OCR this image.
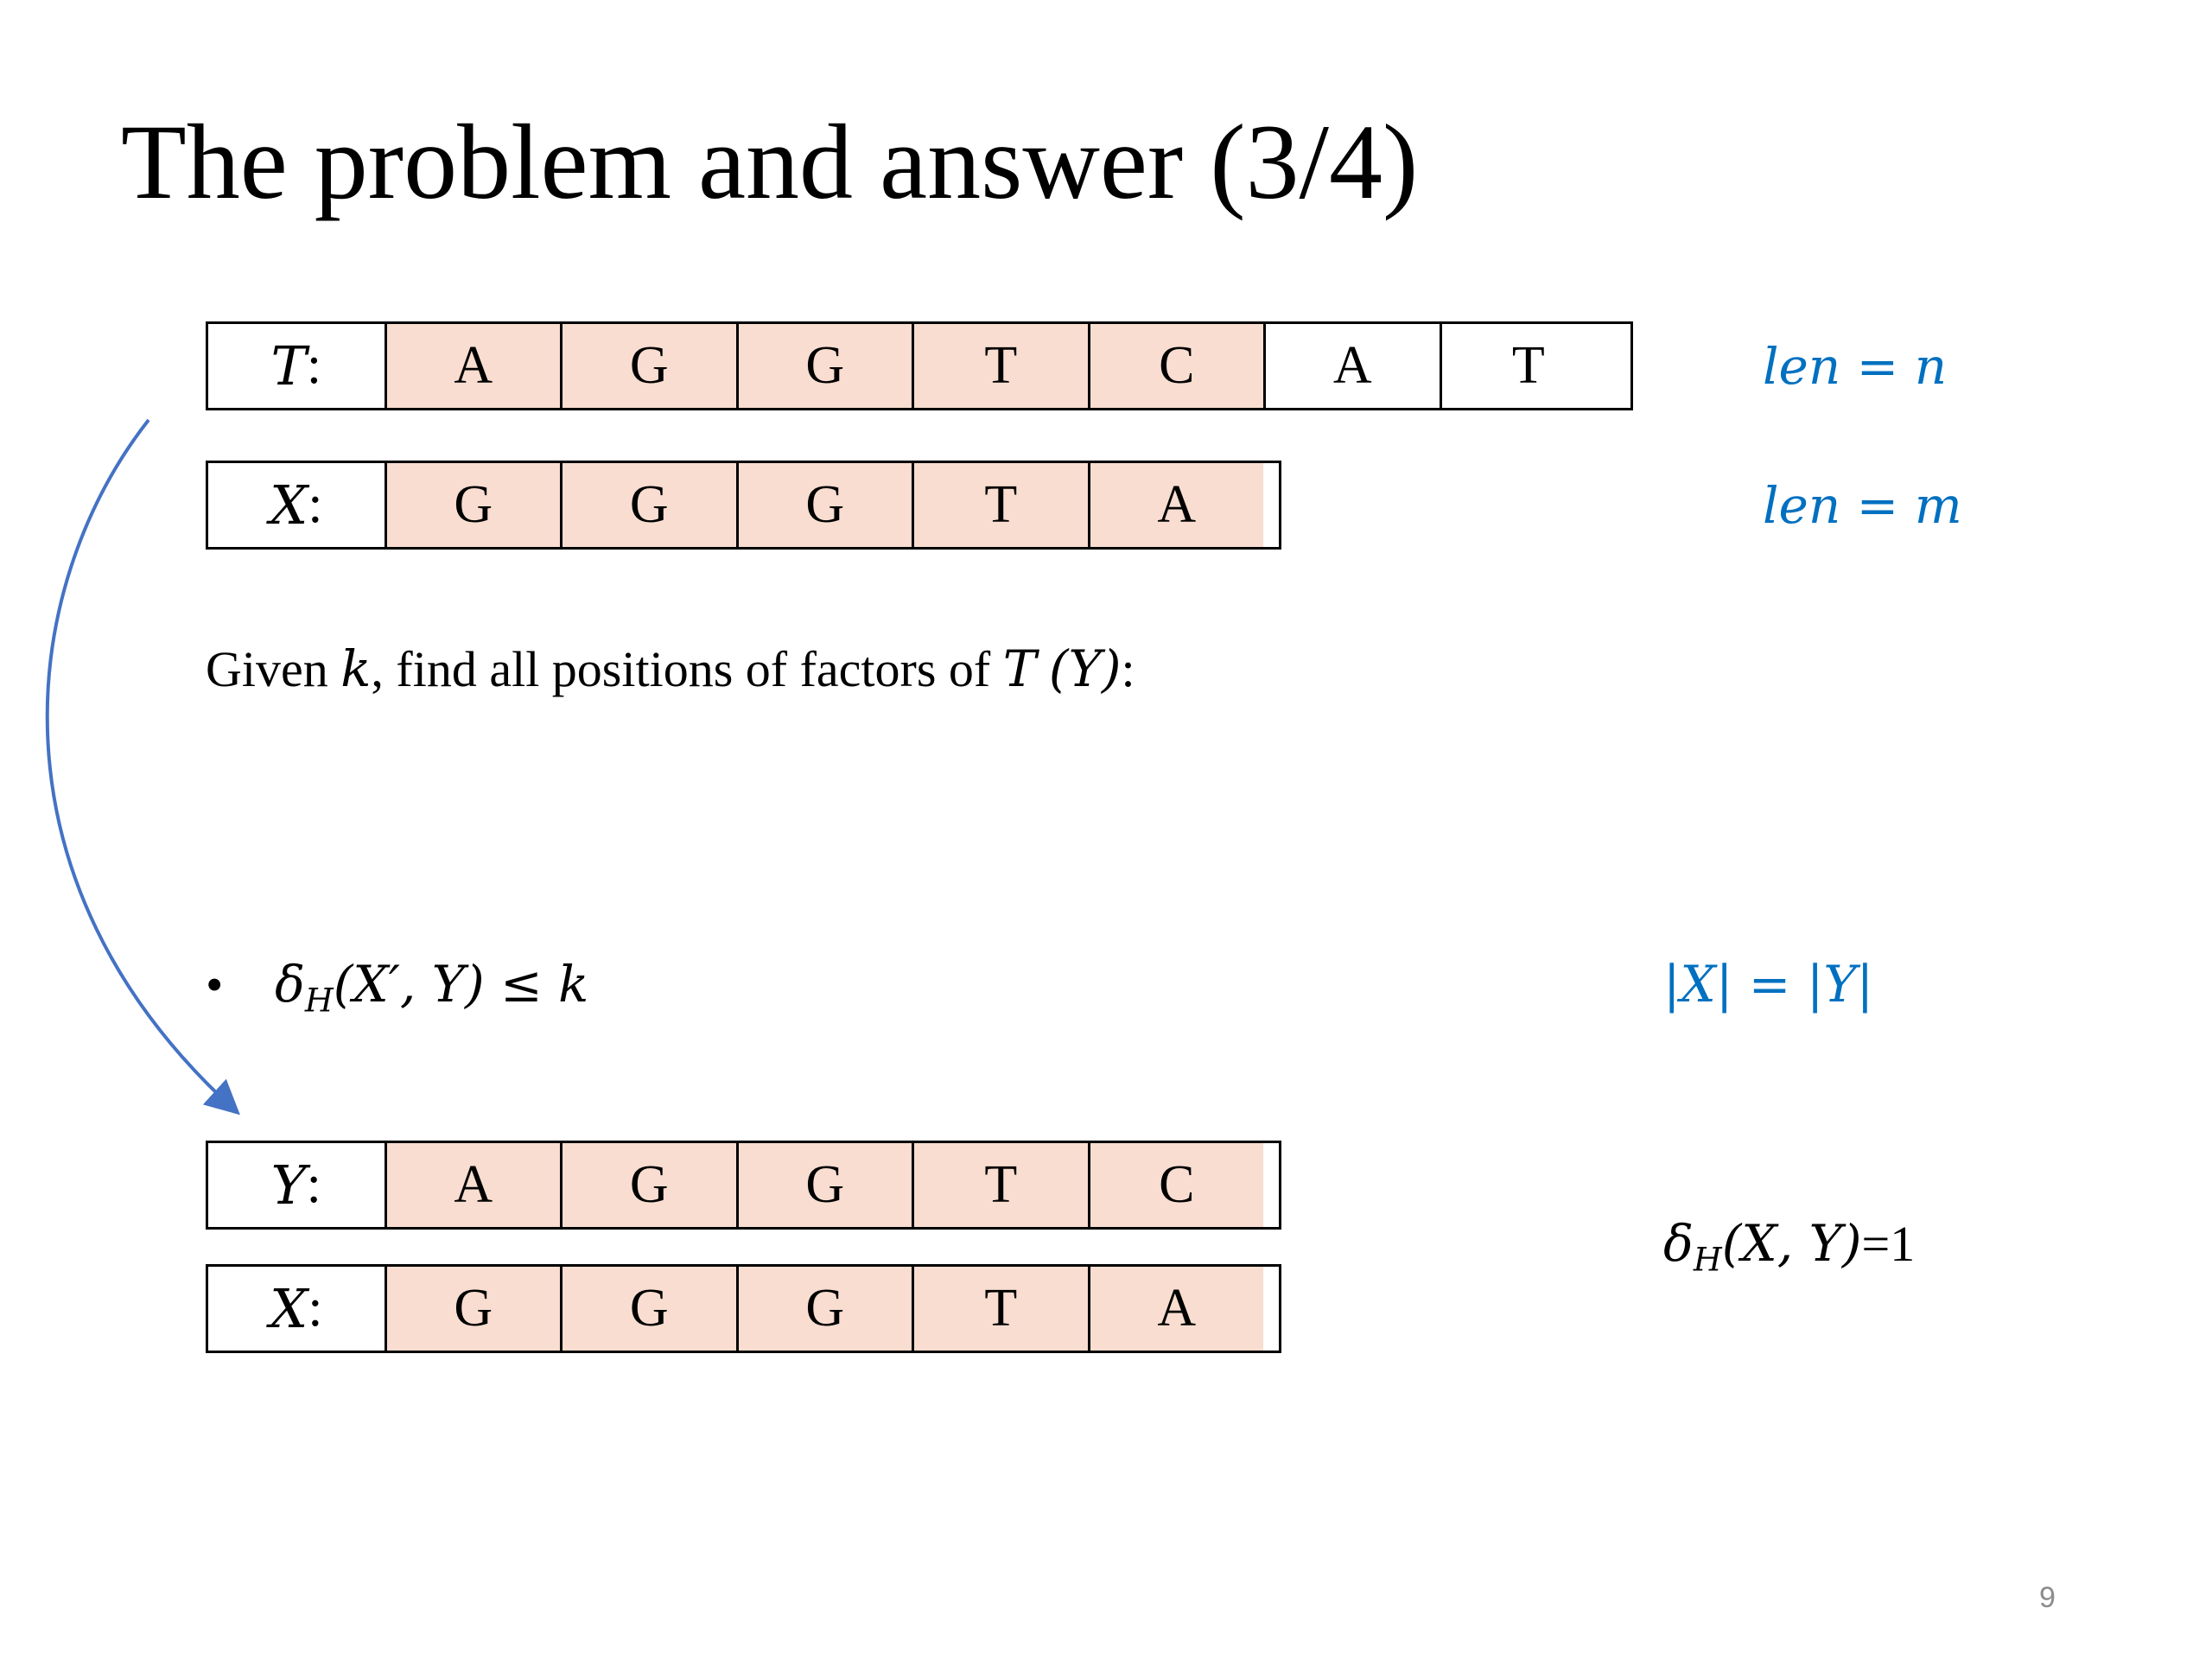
The problem and answer (3/4)
T :	A	G	G	T	C	A	T	len = n
X :	G	G	G	T	A	len = m
Given k, find all positions of factors of T (Y):
• $\delta_H(X'$, Y) ≤ k	|X| = |Y|
Y :	A	G	G	T	C
X :	G	G	G	T	A
$\delta_H(X$, Y)=1
9
